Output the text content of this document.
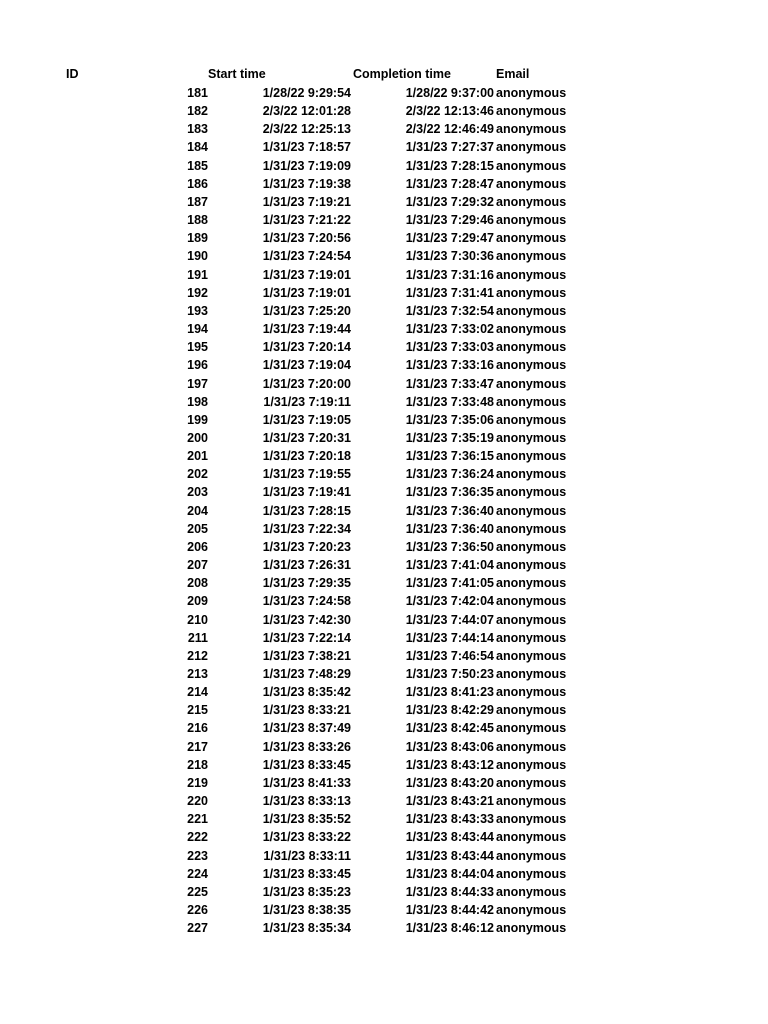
ID	Start time	Completion time	Email
181	1/28/22 9:29:54	1/28/22 9:37:00 anonymous
182	2/3/22 12:01:28	2/3/22 12:13:46 anonymous
183	2/3/22 12:25:13	2/3/22 12:46:49 anonymous
184	1/31/23 7:18:57	1/31/23 7:27:37 anonymous
185	1/31/23 7:19:09	1/31/23 7:28:15 anonymous
186	1/31/23 7:19:38	1/31/23 7:28:47 anonymous
187	1/31/23 7:19:21	1/31/23 7:29:32 anonymous
188	1/31/23 7:21:22	1/31/23 7:29:46 anonymous
189	1/31/23 7:20:56	1/31/23 7:29:47 anonymous
190	1/31/23 7:24:54	1/31/23 7:30:36 anonymous
191	1/31/23 7:19:01	1/31/23 7:31:16 anonymous
192	1/31/23 7:19:01	1/31/23 7:31:41 anonymous
193	1/31/23 7:25:20	1/31/23 7:32:54 anonymous
194	1/31/23 7:19:44	1/31/23 7:33:02 anonymous
195	1/31/23 7:20:14	1/31/23 7:33:03 anonymous
196	1/31/23 7:19:04	1/31/23 7:33:16 anonymous
197	1/31/23 7:20:00	1/31/23 7:33:47 anonymous
198	1/31/23 7:19:11	1/31/23 7:33:48 anonymous
199	1/31/23 7:19:05	1/31/23 7:35:06 anonymous
200	1/31/23 7:20:31	1/31/23 7:35:19 anonymous
201	1/31/23 7:20:18	1/31/23 7:36:15 anonymous
202	1/31/23 7:19:55	1/31/23 7:36:24 anonymous
203	1/31/23 7:19:41	1/31/23 7:36:35 anonymous
204	1/31/23 7:28:15	1/31/23 7:36:40 anonymous
205	1/31/23 7:22:34	1/31/23 7:36:40 anonymous
206	1/31/23 7:20:23	1/31/23 7:36:50 anonymous
207	1/31/23 7:26:31	1/31/23 7:41:04 anonymous
208	1/31/23 7:29:35	1/31/23 7:41:05 anonymous
209	1/31/23 7:24:58	1/31/23 7:42:04 anonymous
210	1/31/23 7:42:30	1/31/23 7:44:07 anonymous
211	1/31/23 7:22:14	1/31/23 7:44:14 anonymous
212	1/31/23 7:38:21	1/31/23 7:46:54 anonymous
213	1/31/23 7:48:29	1/31/23 7:50:23 anonymous
214	1/31/23 8:35:42	1/31/23 8:41:23 anonymous
215	1/31/23 8:33:21	1/31/23 8:42:29 anonymous
216	1/31/23 8:37:49	1/31/23 8:42:45 anonymous
217	1/31/23 8:33:26	1/31/23 8:43:06 anonymous
218	1/31/23 8:33:45	1/31/23 8:43:12 anonymous
219	1/31/23 8:41:33	1/31/23 8:43:20 anonymous
220	1/31/23 8:33:13	1/31/23 8:43:21 anonymous
221	1/31/23 8:35:52	1/31/23 8:43:33 anonymous
222	1/31/23 8:33:22	1/31/23 8:43:44 anonymous
223	1/31/23 8:33:11	1/31/23 8:43:44 anonymous
224	1/31/23 8:33:45	1/31/23 8:44:04 anonymous
225	1/31/23 8:35:23	1/31/23 8:44:33 anonymous
226	1/31/23 8:38:35	1/31/23 8:44:42 anonymous
227	1/31/23 8:35:34	1/31/23 8:46:12 anonymous
